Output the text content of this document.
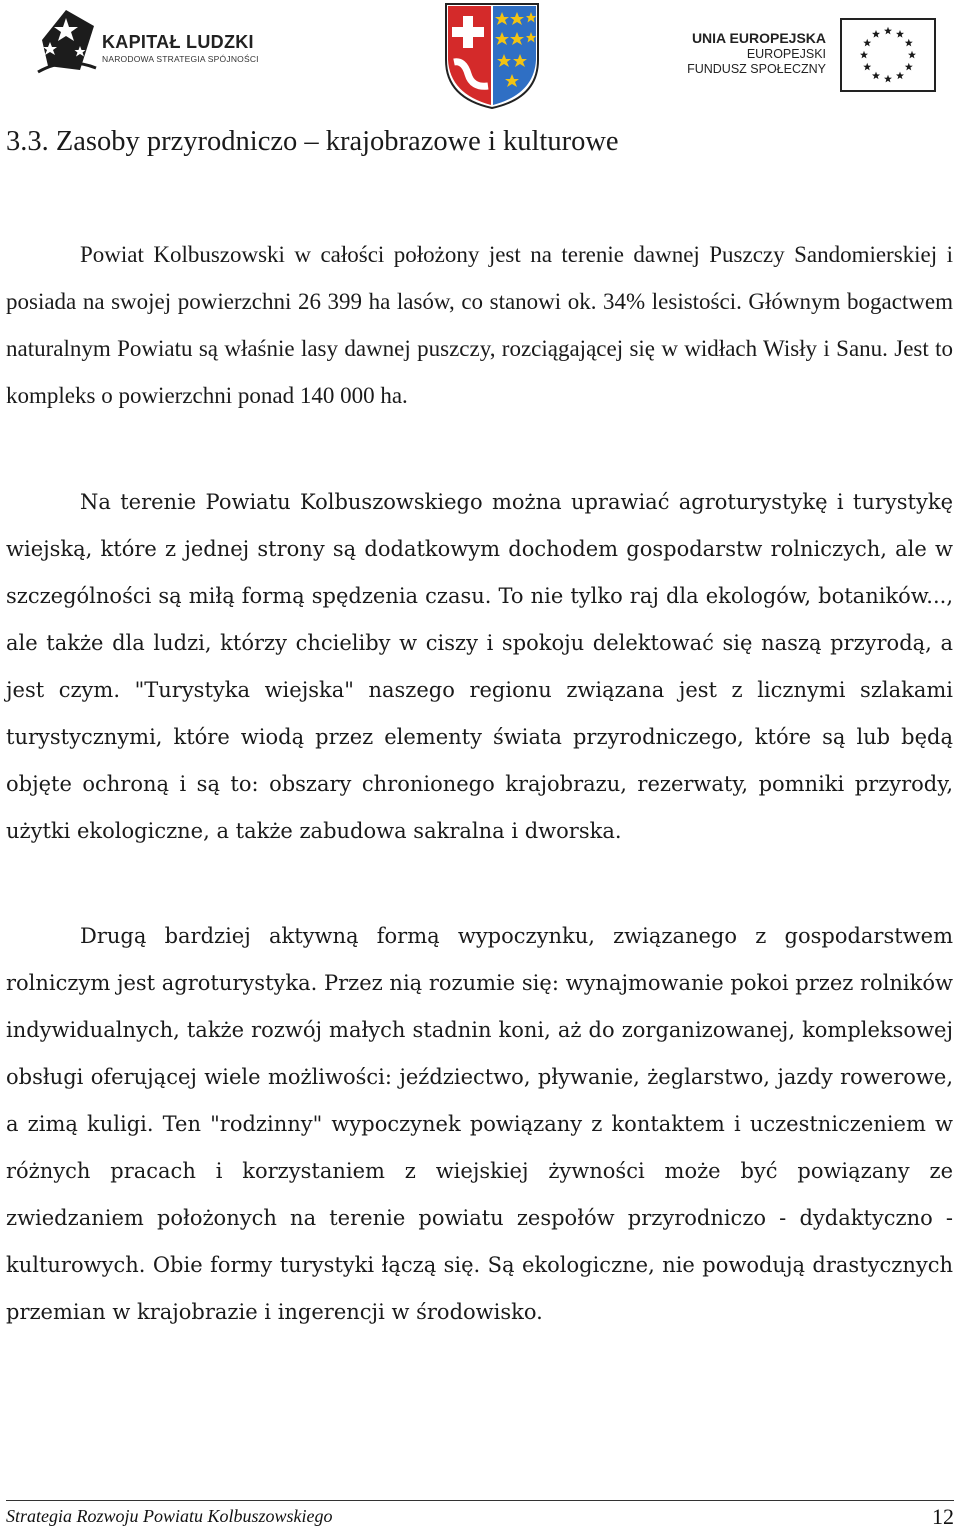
KAPITAŁ LUDZKI
NARODOWA STRATEGIA SPÓJNOŚCI
UNIA EUROPEJSKA
EUROPEJSKI
FUNDUSZ SPOŁECZNY
3.3. Zasoby przyrodniczo – krajobrazowe i kulturowe

Powiat Kolbuszowski w całości położony jest na terenie dawnej Puszczy Sandomierskiej i posiada na swojej powierzchni 26 399 ha lasów, co stanowi ok. 34% lesistości. Głównym bogactwem naturalnym Powiatu są właśnie lasy dawnej puszczy, rozciągającej się w widłach Wisły i Sanu. Jest to kompleks o powierzchni ponad 140 000 ha.

Na terenie Powiatu Kolbuszowskiego można uprawiać agroturystykę i turystykę wiejską, które z jednej strony są dodatkowym dochodem gospodarstw rolniczych, ale w szczególności są miłą formą spędzenia czasu. To nie tylko raj dla ekologów, botaników..., ale także dla ludzi, którzy chcieliby w ciszy i spokoju delektować się naszą przyrodą, a jest czym. "Turystyka wiejska" naszego regionu związana jest z licznymi szlakami turystycznymi, które wiodą przez elementy świata przyrodniczego, które są lub będą objęte ochroną i są to: obszary chronionego krajobrazu, rezerwaty, pomniki przyrody, użytki ekologiczne, a także zabudowa sakralna i dworska.

Drugą bardziej aktywną formą wypoczynku, związanego z gospodarstwem rolniczym jest agroturystyka. Przez nią rozumie się: wynajmowanie pokoi przez rolników indywidualnych, także rozwój małych stadnin koni, aż do zorganizowanej, kompleksowej obsługi oferującej wiele możliwości: jeździectwo, pływanie, żeglarstwo, jazdy rowerowe, a zimą kuligi. Ten "rodzinny" wypoczynek powiązany z kontaktem i uczestniczeniem w różnych pracach i korzystaniem z wiejskiej żywności może być powiązany ze zwiedzaniem położonych na terenie powiatu zespołów przyrodniczo - dydaktyczno - kulturowych. Obie formy turystyki łączą się. Są ekologiczne, nie powodują drastycznych przemian w krajobrazie i ingerencji w środowisko.

Strategia Rozwoju Powiatu Kolbuszowskiego	12
